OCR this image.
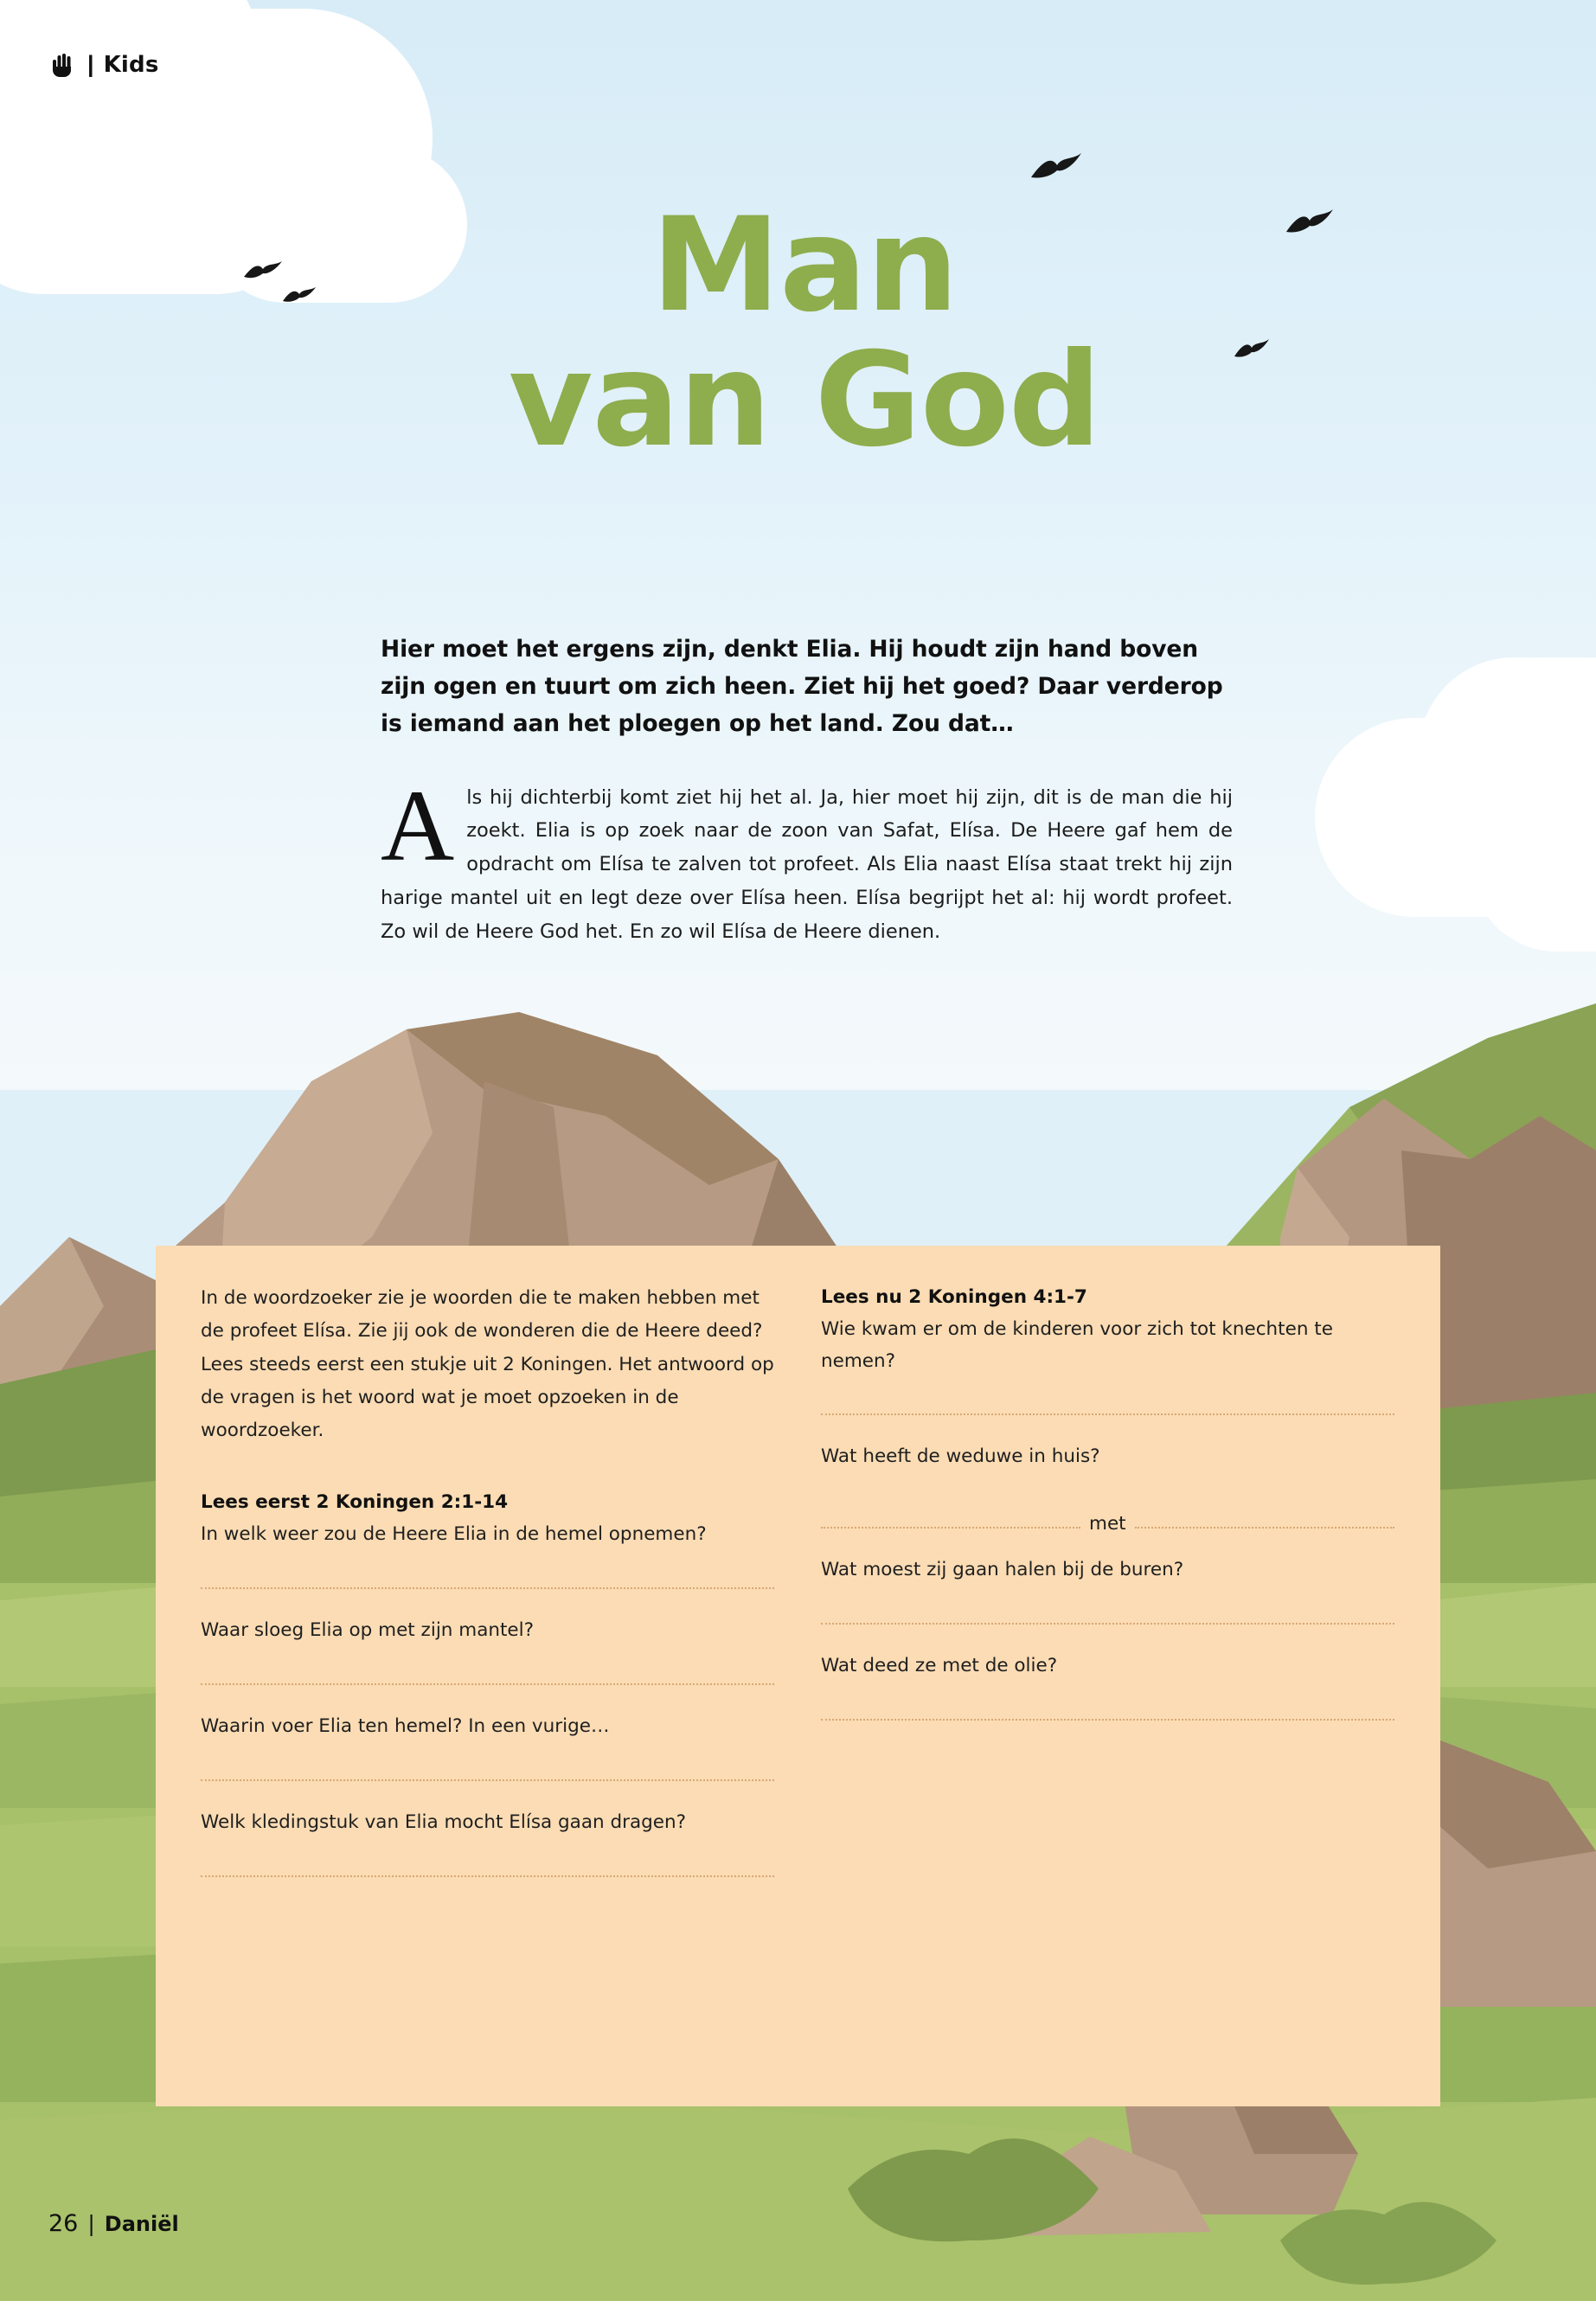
| Kids
Man
van God

Hier moet het ergens zijn, denkt Elia. Hij houdt zijn hand boven zijn ogen en tuurt om zich heen. Ziet hij het goed? Daar verderop is iemand aan het ploegen op het land. Zou dat…

Als hij dichterbij komt ziet hij het al. Ja, hier moet hij zijn, dit is de man die hij zoekt. Elia is op zoek naar de zoon van Safat, Elísa. De Heere gaf hem de opdracht om Elísa te zalven tot profeet. Als Elia naast Elísa staat trekt hij zijn harige mantel uit en legt deze over Elísa heen. Elísa begrijpt het al: hij wordt profeet. Zo wil de Heere God het. En zo wil Elísa de Heere dienen.

In de woordzoeker zie je woorden die te maken hebben met de profeet Elísa. Zie jij ook de wonderen die de Heere deed? Lees steeds eerst een stukje uit 2 Koningen. Het antwoord op de vragen is het woord wat je moet opzoeken in de woordzoeker.

Lees eerst 2 Koningen 2:1-14

In welk weer zou de Heere Elia in de hemel opnemen?

Waar sloeg Elia op met zijn mantel?

Waarin voer Elia ten hemel? In een vurige…

Welk kledingstuk van Elia mocht Elísa gaan dragen?

Lees nu 2 Koningen 4:1-7

Wie kwam er om de kinderen voor zich tot knechten te nemen?

Wat heeft de weduwe in huis?

met

Wat moest zij gaan halen bij de buren?

Wat deed ze met de olie?

26 | Daniël
